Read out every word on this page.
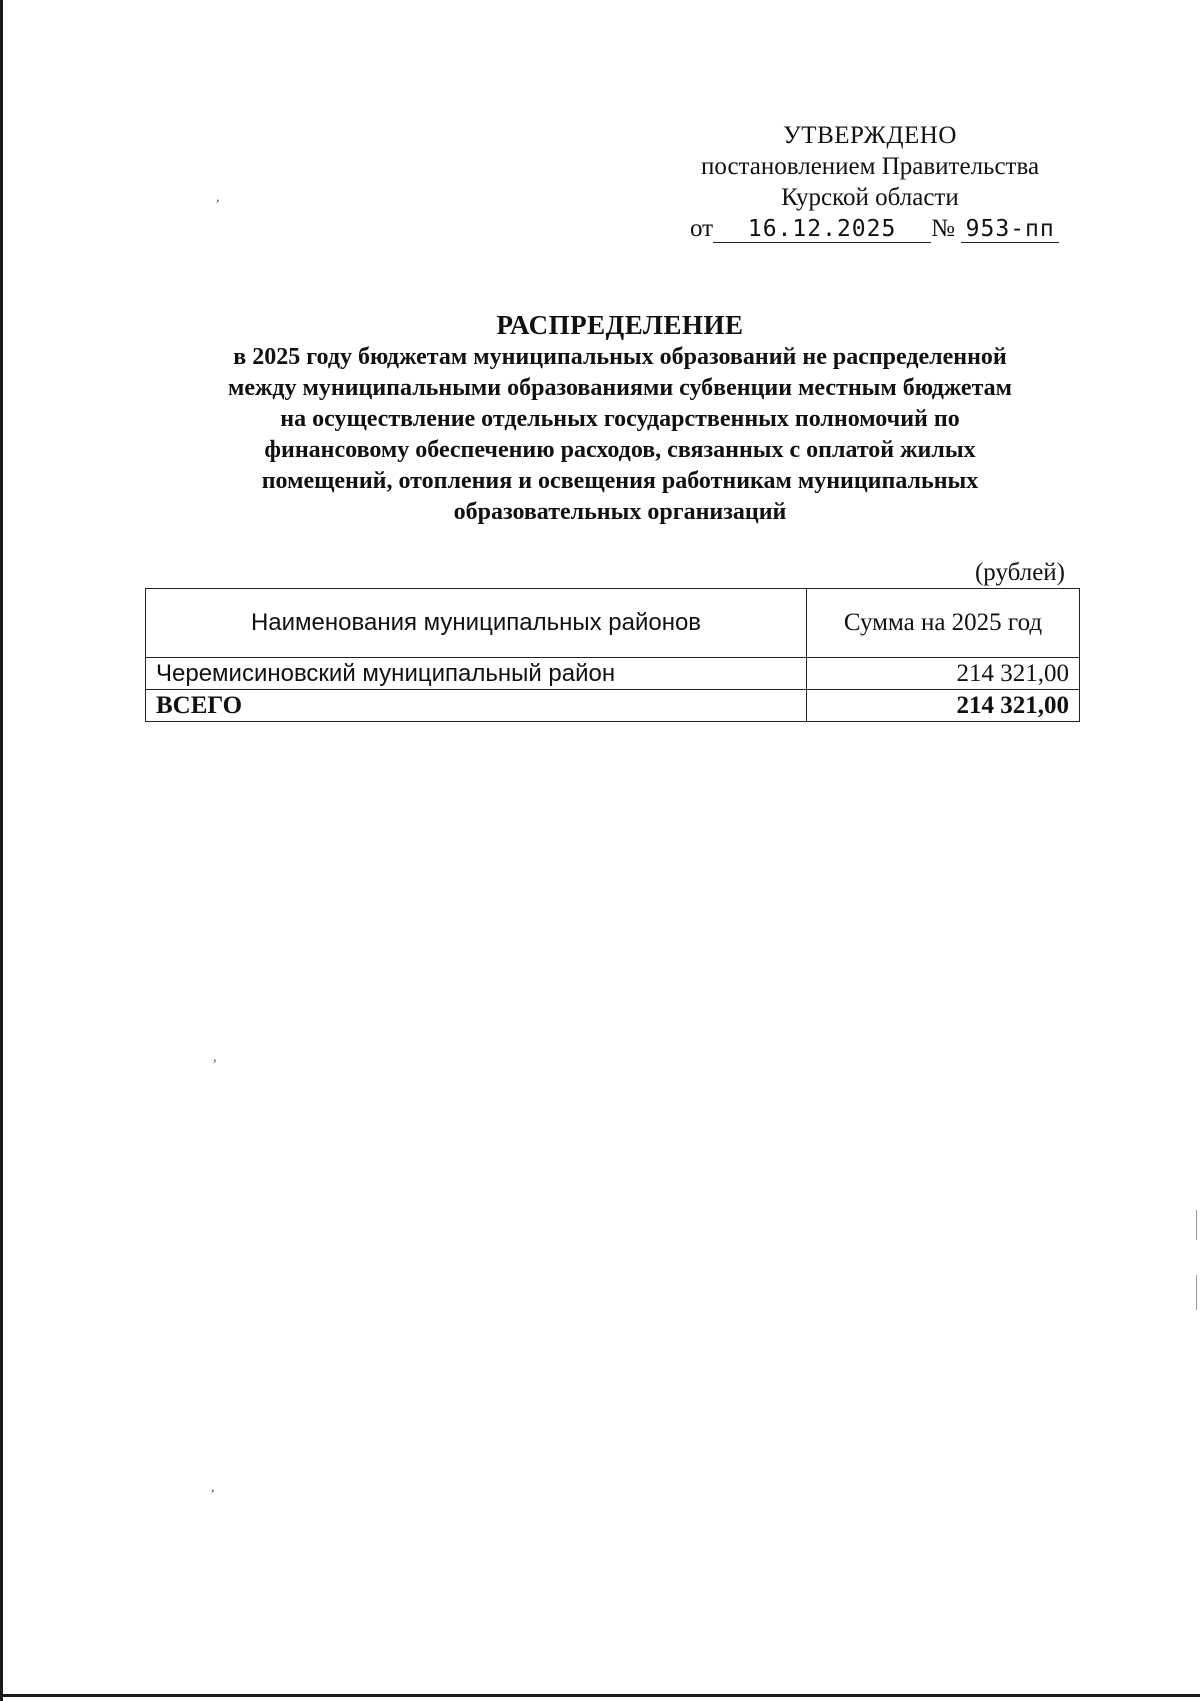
,
,
,
УТВЕРЖДЕНО
постановлением Правительства
Курской области
от 16.12.2025 № 953-пп
РАСПРЕДЕЛЕНИЕ
в 2025 году бюджетам муниципальных образований не распределенной
между муниципальными образованиями субвенции местным бюджетам
на осуществление отдельных государственных полномочий по
финансовому обеспечению расходов, связанных с оплатой жилых
помещений, отопления и освещения работникам муниципальных
образовательных организаций
(рублей)
Наименования муниципальных районов	Сумма на 2025 год
Черемисиновский муниципальный район	214 321,00
ВСЕГО	214 321,00
